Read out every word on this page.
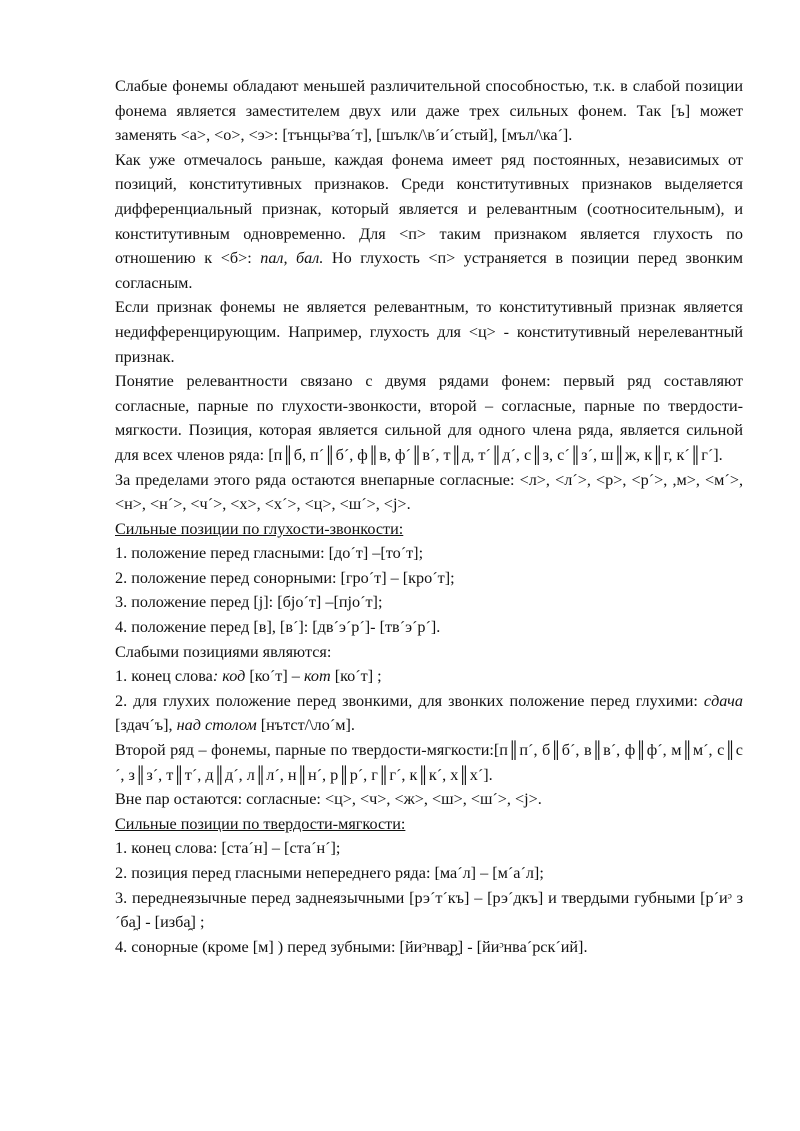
Слабые фонемы обладают меньшей различительной способностью, т.к. в слабой позиции фонема является заместителем двух или даже трех сильных фонем. Так [ъ] может заменять <а>, <о>, <э>: [тънцыᵓва´т], [шълк/\в´и´стый], [мъл/\ка´].

Как уже отмечалось раньше, каждая фонема имеет ряд постоянных, независимых от позиций, конститутивных признаков. Среди конститутивных признаков выделяется дифференциальный признак, который является и релевантным (соотносительным), и конститутивным одновременно. Для <п> таким признаком является глухость по отношению к <б>: пал, бал. Но глухость <п> устраняется в позиции перед звонким согласным.

Если признак фонемы не является релевантным, то конститутивный признак является недифференцирующим. Например, глухость для <ц> - конститутивный нерелевантный признак.

Понятие релевантности связано с двумя рядами фонем: первый ряд составляют согласные, парные по глухости-звонкости, второй – согласные, парные по твердости-мягкости. Позиция, которая является сильной для одного члена ряда, является сильной для всех членов ряда: [п║б, п´║б´, ф║в, ф´║в´, т║д, т´║д´, с║з, с´║з´, ш║ж, к║г, к´║г´].

За пределами этого ряда остаются внепарные согласные: <л>, <л´>, <р>, <р´>, ,м>, <м´>, <н>, <н´>, <ч´>, <х>, <х´>, <ц>, <ш´>, <j>.

Сильные позиции по глухости-звонкости:

1. положение перед гласными: [до´т] –[то´т];

2. положение перед сонорными: [гро´т] – [кро´т];

3. положение перед [j]: [бjо´т] –[пjо´т];

4. положение перед [в], [в´]: [дв´э´р´]- [тв´э´р´].

Слабыми позициями являются:

1. конец слова: код [ко´т] – кот [ко´т] ;

2. для глухих положение перед звонкими, для звонких положение перед глухими: сдача [здач´ъ], над столом [нътст/\ло´м].

Второй ряд – фонемы, парные по твердости-мягкости:[п║п´, б║б´, в║в´, ф║ф´, м║м´, с║с´, з║з´, т║т´, д║д´, л║л´, н║н´, р║р´, г║г´, к║к´, х║х´].

Вне пар остаются: согласные: <ц>, <ч>, <ж>, <ш>, <ш´>, <j>.

Сильные позиции по твердости-мягкости:

1. конец слова: [ста´н] – [ста´н´];

2. позиция перед гласными непереднего ряда: [ма´л] – [м´а´л];

3. переднеязычные перед заднеязычными [рэ´т´къ] – [рэ´дкъ] и твердыми губными [р´иᵓ з´ба̯] - [изба̯] ;

4. сонорные (кроме [м] ) перед зубными: [йиᵓнва̯р̯] - [йиᵓнва´рск´ий].
